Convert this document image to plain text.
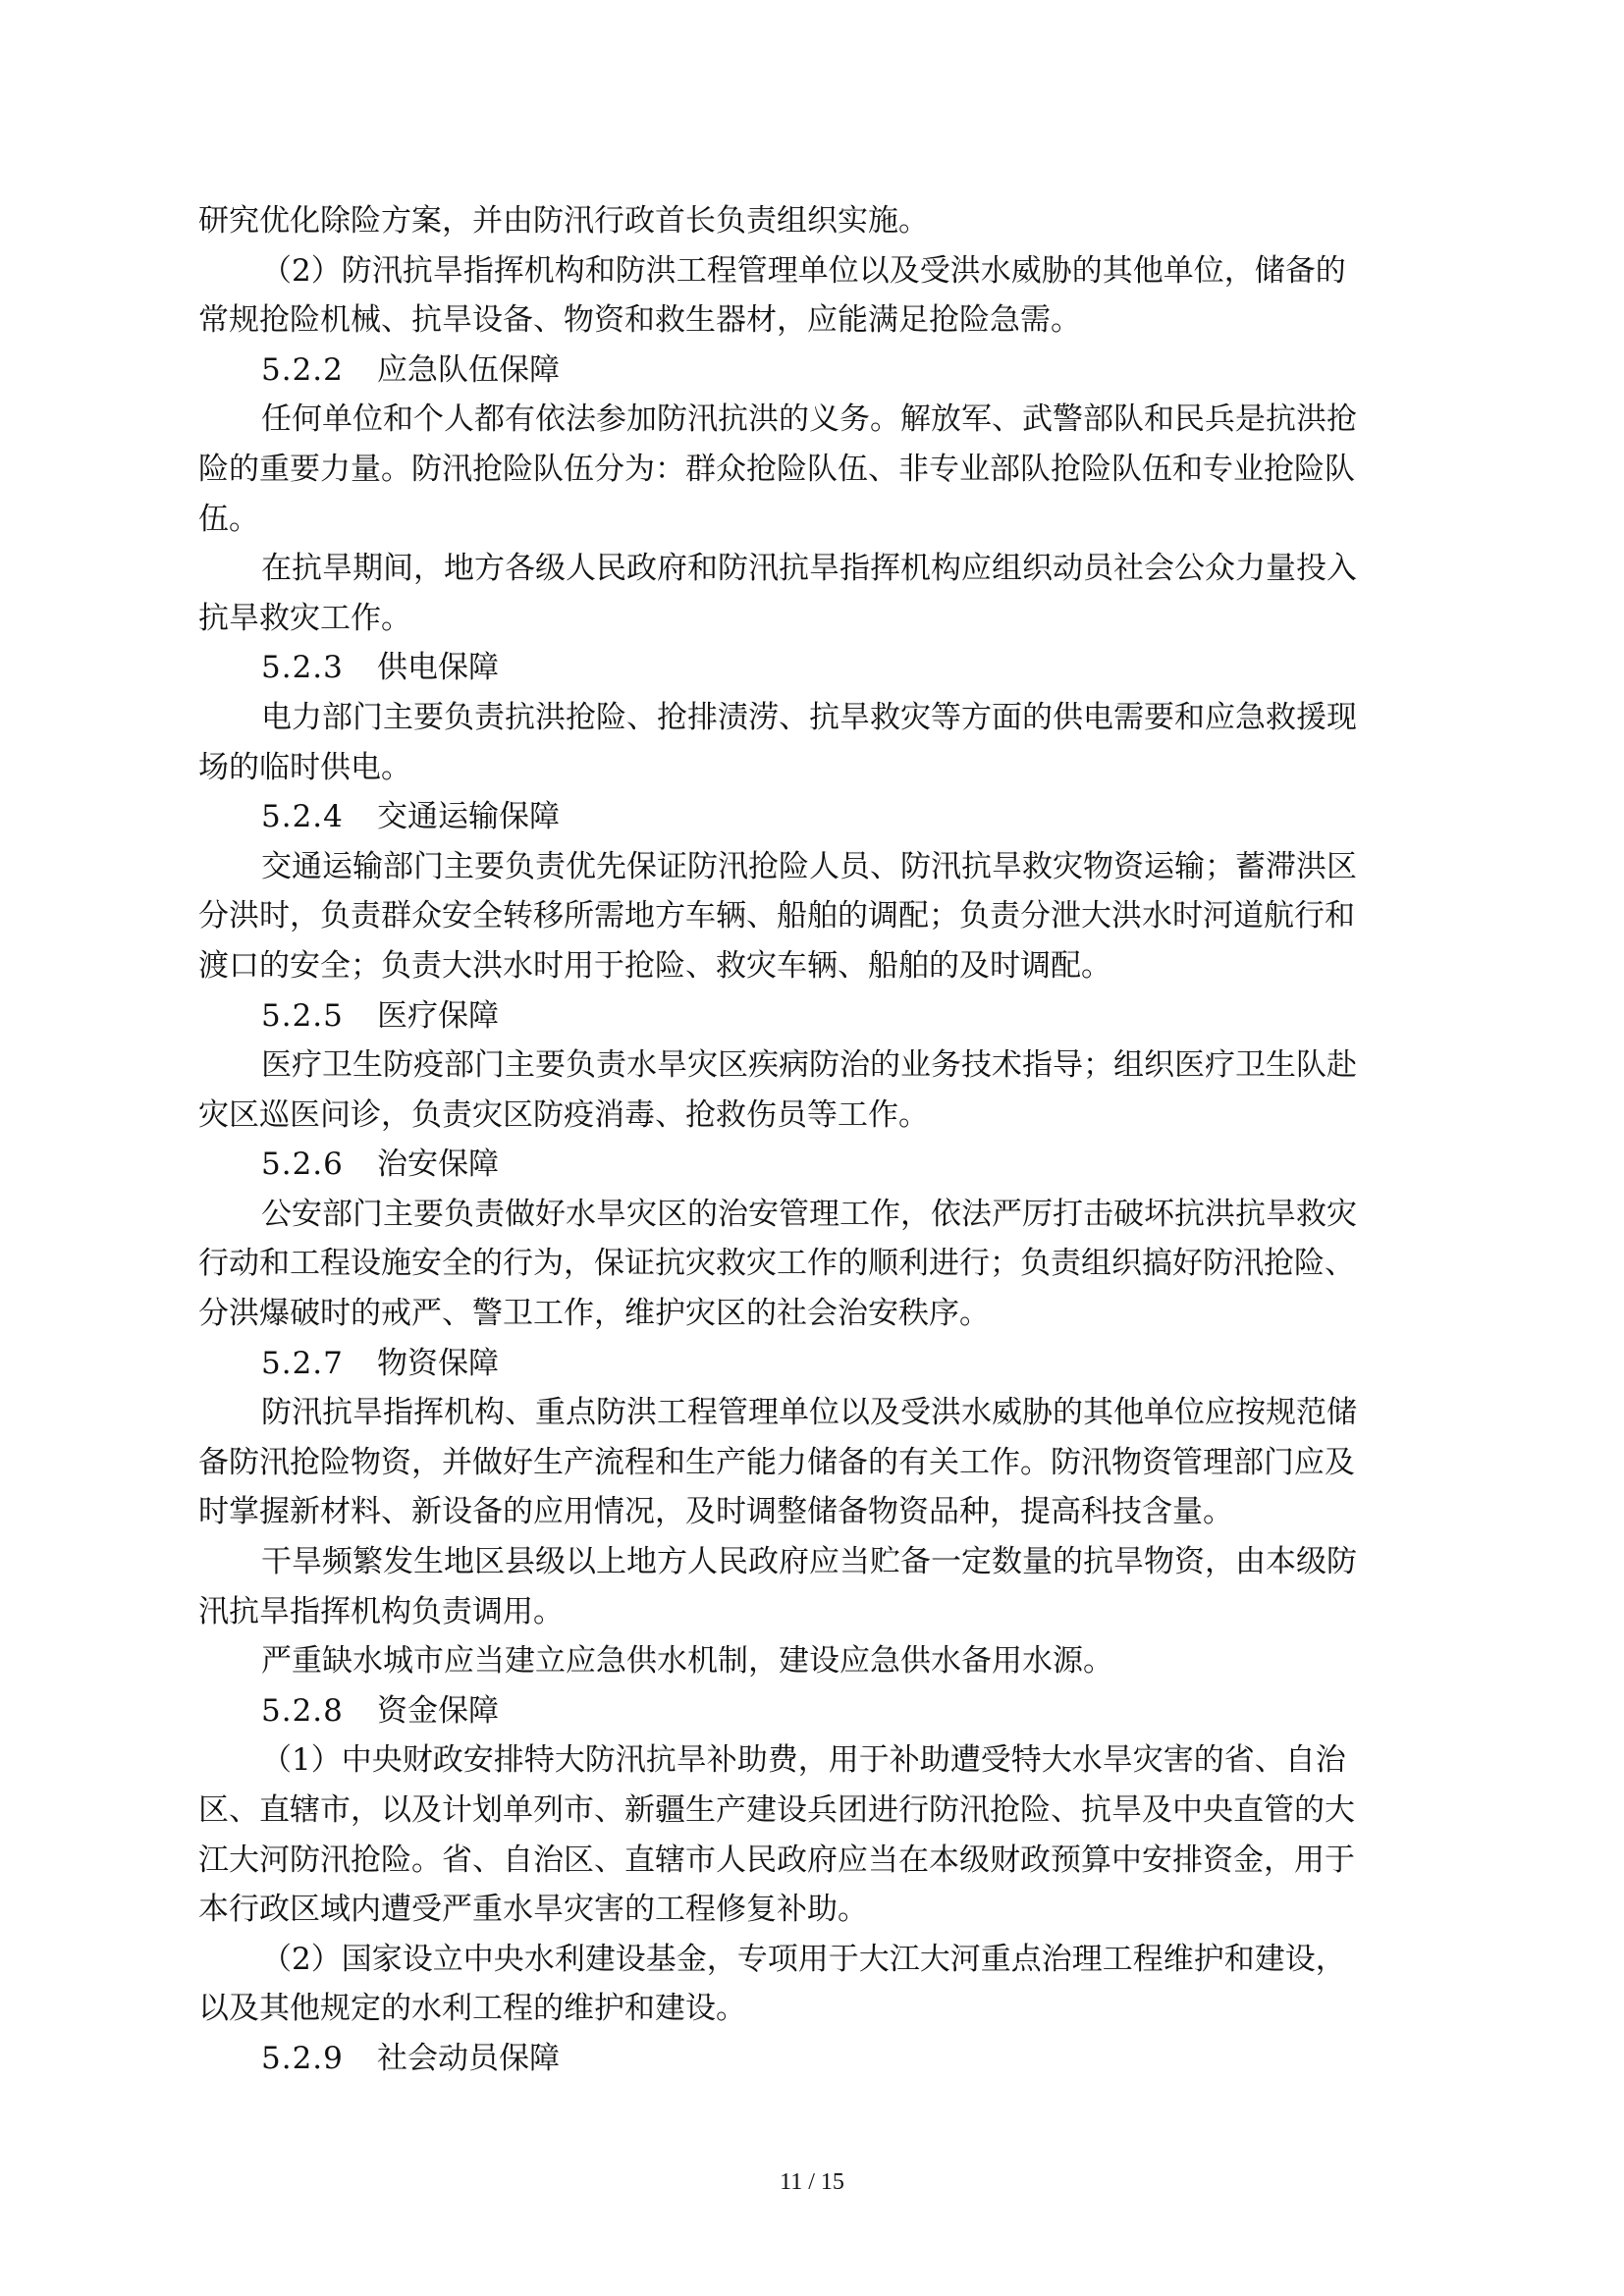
研究优化除险方案，并由防汛行政首长负责组织实施。
（2）防汛抗旱指挥机构和防洪工程管理单位以及受洪水威胁的其他单位，储备的
常规抢险机械、抗旱设备、物资和救生器材，应能满足抢险急需。
5.2.2 应急队伍保障
任何单位和个人都有依法参加防汛抗洪的义务。解放军、武警部队和民兵是抗洪抢
险的重要力量。防汛抢险队伍分为：群众抢险队伍、非专业部队抢险队伍和专业抢险队
伍。
在抗旱期间，地方各级人民政府和防汛抗旱指挥机构应组织动员社会公众力量投入
抗旱救灾工作。
5.2.3 供电保障
电力部门主要负责抗洪抢险、抢排渍涝、抗旱救灾等方面的供电需要和应急救援现
场的临时供电。
5.2.4 交通运输保障
交通运输部门主要负责优先保证防汛抢险人员、防汛抗旱救灾物资运输；蓄滞洪区
分洪时，负责群众安全转移所需地方车辆、船舶的调配；负责分泄大洪水时河道航行和
渡口的安全；负责大洪水时用于抢险、救灾车辆、船舶的及时调配。
5.2.5 医疗保障
医疗卫生防疫部门主要负责水旱灾区疾病防治的业务技术指导；组织医疗卫生队赴
灾区巡医问诊，负责灾区防疫消毒、抢救伤员等工作。
5.2.6 治安保障
公安部门主要负责做好水旱灾区的治安管理工作，依法严厉打击破坏抗洪抗旱救灾
行动和工程设施安全的行为，保证抗灾救灾工作的顺利进行；负责组织搞好防汛抢险、
分洪爆破时的戒严、警卫工作，维护灾区的社会治安秩序。
5.2.7 物资保障
防汛抗旱指挥机构、重点防洪工程管理单位以及受洪水威胁的其他单位应按规范储
备防汛抢险物资，并做好生产流程和生产能力储备的有关工作。防汛物资管理部门应及
时掌握新材料、新设备的应用情况，及时调整储备物资品种，提高科技含量。
干旱频繁发生地区县级以上地方人民政府应当贮备一定数量的抗旱物资，由本级防
汛抗旱指挥机构负责调用。
严重缺水城市应当建立应急供水机制，建设应急供水备用水源。
5.2.8 资金保障
（1）中央财政安排特大防汛抗旱补助费，用于补助遭受特大水旱灾害的省、自治
区、直辖市，以及计划单列市、新疆生产建设兵团进行防汛抢险、抗旱及中央直管的大
江大河防汛抢险。省、自治区、直辖市人民政府应当在本级财政预算中安排资金，用于
本行政区域内遭受严重水旱灾害的工程修复补助。
（2）国家设立中央水利建设基金，专项用于大江大河重点治理工程维护和建设，
以及其他规定的水利工程的维护和建设。
5.2.9 社会动员保障
11 / 15
